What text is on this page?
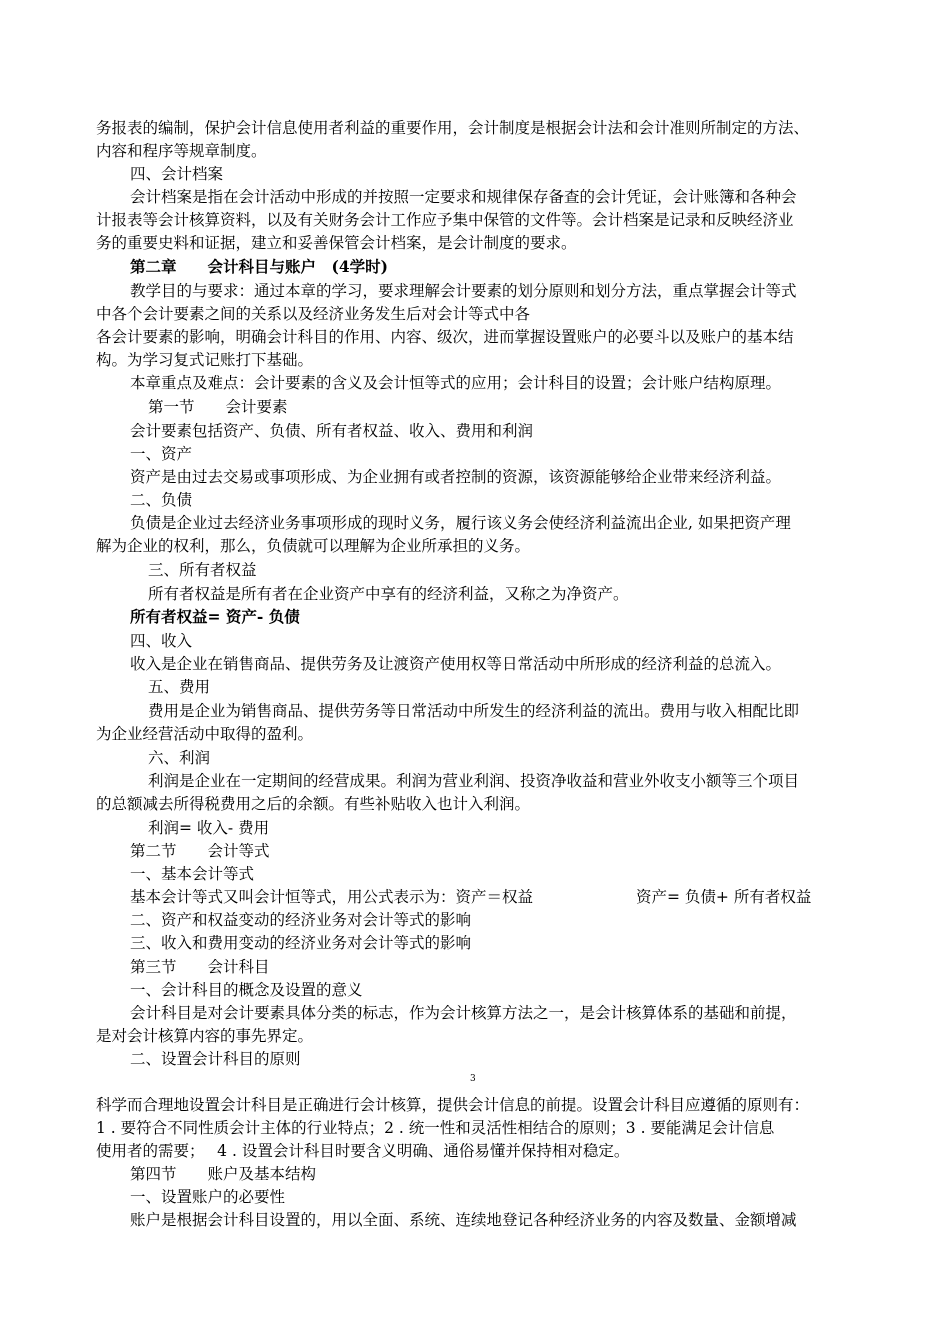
务报表的编制，保护会计信息使用者利益的重要作用，会计制度是根据会计法和会计准则所制定的方法、
内容和程序等规章制度。
四、会计档案
会计档案是指在会计活动中形成的并按照一定要求和规律保存备查的会计凭证，会计账簿和各种会
计报表等会计核算资料，以及有关财务会计工作应予集中保管的文件等。会计档案是记录和反映经济业
务的重要史料和证据，建立和妥善保管会计档案，是会计制度的要求。
第二章　　会计科目与账户　(4学时)
教学目的与要求：通过本章的学习，要求理解会计要素的划分原则和划分方法，重点掌握会计等式
中各个会计要素之间的关系以及经济业务发生后对会计等式中各
各会计要素的影响，明确会计科目的作用、内容、级次，进而掌握设置账户的必要斗以及账户的基本结
构。为学习复式记账打下基础。
本章重点及难点：会计要素的含义及会计恒等式的应用；会计科目的设置；会计账户结构原理。
第一节　　会计要素
会计要素包括资产、负债、所有者权益、收入、费用和利润
一、资产
资产是由过去交易或事项形成、为企业拥有或者控制的资源，该资源能够给企业带来经济利益。
二、负债
负债是企业过去经济业务事项形成的现时义务，履行该义务会使经济利益流出企业, 如果把资产理
解为企业的权利，那么，负债就可以理解为企业所承担的义务。
三、所有者权益
所有者权益是所有者在企业资产中享有的经济利益，又称之为净资产。
所有者权益= 资产- 负债
四、收入
收入是企业在销售商品、提供劳务及让渡资产使用权等日常活动中所形成的经济利益的总流入。
五、费用
费用是企业为销售商品、提供劳务等日常活动中所发生的经济利益的流出。费用与收入相配比即
为企业经营活动中取得的盈利。
六、利润
利润是企业在一定期间的经营成果。利润为营业利润、投资净收益和营业外收支小额等三个项目
的总额减去所得税费用之后的余额。有些补贴收入也计入利润。
利润= 收入- 费用
第二节　　会计等式
一、基本会计等式
基本会计等式又叫会计恒等式，用公式表示为：资产＝权益	资产= 负债+ 所有者权益
二、资产和权益变动的经济业务对会计等式的影响
三、收入和费用变动的经济业务对会计等式的影响
第三节　　会计科目
一、会计科目的概念及设置的意义
会计科目是对会计要素具体分类的标志，作为会计核算方法之一，是会计核算体系的基础和前提，
是对会计核算内容的事先界定。
二、设置会计科目的原则
3
科学而合理地设置会计科目是正确进行会计核算，提供会计信息的前提。设置会计科目应遵循的原则有：
1 . 要符合不同性质会计主体的行业特点；2 . 统一性和灵活性相结合的原则；3 . 要能满足会计信息
使用者的需要；　 4 . 设置会计科目时要含义明确、通俗易懂并保持相对稳定。
第四节　　账户及基本结构
一、设置账户的必要性
账户是根据会计科目设置的，用以全面、系统、连续地登记各种经济业务的内容及数量、金额增减
